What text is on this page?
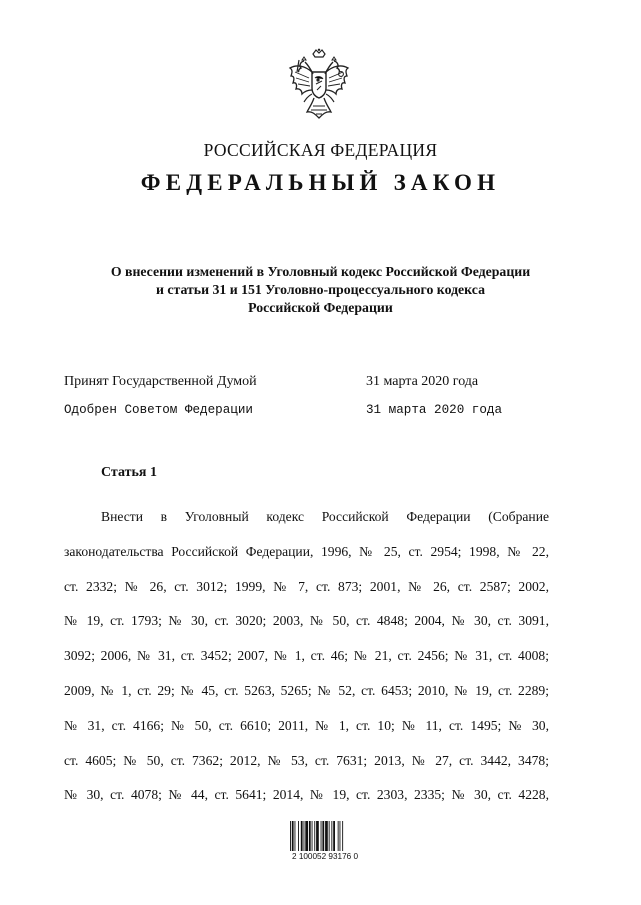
РОССИЙСКАЯ ФЕДЕРАЦИЯ
ФЕДЕРАЛЬНЫЙ ЗАКОН
О внесении изменений в Уголовный кодекс Российской Федерации
и статьи 31 и 151 Уголовно-процессуального кодекса
Российской Федерации
Принят Государственной Думой	31 марта 2020 года
Одобрен Советом Федерации	31 марта 2020 года
Статья 1
Внести в Уголовный кодекс Российской Федерации (Собрание
законодательства Российской Федерации, 1996, № 25, ст. 2954; 1998, № 22,
ст. 2332; № 26, ст. 3012; 1999, № 7, ст. 873; 2001, № 26, ст. 2587; 2002,
№ 19, ст. 1793; № 30, ст. 3020; 2003, № 50, ст. 4848; 2004, № 30, ст. 3091,
3092; 2006, № 31, ст. 3452; 2007, № 1, ст. 46; № 21, ст. 2456; № 31, ст. 4008;
2009, № 1, ст. 29; № 45, ст. 5263, 5265; № 52, ст. 6453; 2010, № 19, ст. 2289;
№ 31, ст. 4166; № 50, ст. 6610; 2011, № 1, ст. 10; № 11, ст. 1495; № 30,
ст. 4605; № 50, ст. 7362; 2012, № 53, ст. 7631; 2013, № 27, ст. 3442, 3478;
№ 30, ст. 4078; № 44, ст. 5641; 2014, № 19, ст. 2303, 2335; № 30, ст. 4228,
2 100052 93176 0
